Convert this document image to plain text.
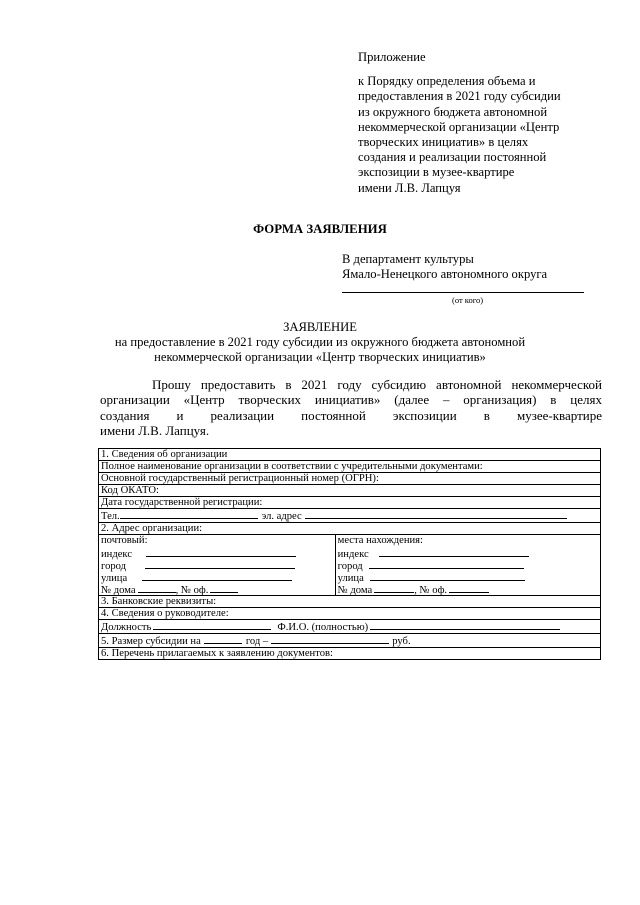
Приложение
к Порядку определения объема и
предоставления в 2021 году субсидии
из окружного бюджета автономной
некоммерческой организации «Центр
творческих инициатив» в целях
создания и реализации постоянной
экспозиции в музее-квартире
имени Л.В. Лапцуя
ФОРМА ЗАЯВЛЕНИЯ
В департамент культуры
Ямало-Ненецкого автономного округа
(от кого)
ЗАЯВЛЕНИЕ
на предоставление в 2021 году субсидии из окружного бюджета автономной
некоммерческой организации «Центр творческих инициатив»
Прошу предоставить в 2021 году субсидию автономной некоммерческой
организации «Центр творческих инициатив» (далее – организация) в целях
создания и реализации постоянной экспозиции в музее-квартире
имени Л.В. Лапцуя.
1. Сведения об организации
Полное наименование организации в соответствии с учредительными документами:
Основной государственный регистрационный номер (ОГРН):
Код ОКАТО:
Дата государственной регистрации:
Тел.	эл. адрес
2. Адрес организации:

почтовый:
индекс
город
улица
№ дома	, № оф.

места нахождения:
индекс
город
улица
№ дома	, № оф.

3. Банковские реквизиты:
4. Сведения о руководителе:
Должность	Ф.И.О. (полностью)
5. Размер субсидии на	год –	руб.
6. Перечень прилагаемых к заявлению документов:
